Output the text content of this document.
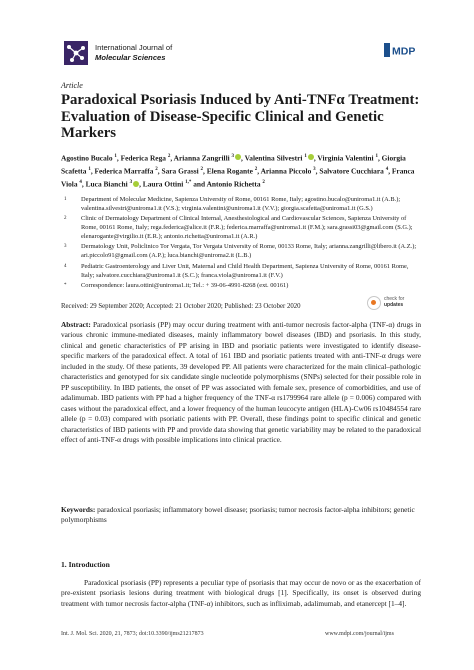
International Journal of
Molecular Sciences	MDPI
Article
Paradoxical Psoriasis Induced by Anti-TNFα Treatment: Evaluation of Disease-Specific Clinical and Genetic Markers
Agostino Bucalo $^1$, Federica Rega $^2$, Arianna Zangrilli $^3$ , Valentina Silvestri $^1$ , Virginia Valentini $^1$, Giorgia Scafetta $^1$, Federica Marraffa $^2$, Sara Grassi $^2$, Elena Rogante $^2$, Arianna Piccolo $^3$, Salvatore Cucchiara $^4$, Franca Viola $^4$, Luca Bianchi $^3$ , Laura Ottini $^{1,*}$ and Antonio Richetta $^2$
1 Department of Molecular Medicine, Sapienza University of Rome, 00161 Rome, Italy; agostino.bucalo@uniroma1.it (A.B.); valentina.silvestri@uniroma1.it (V.S.); virginia.valentini@uniroma1.it (V.V.); giorgia.scafetta@uniroma1.it (G.S.)
2 Clinic of Dermatology Department of Clinical Internal, Anesthesiological and Cardiovascular Sciences, Sapienza University of Rome, 00161 Rome, Italy; rega.federica@alice.it (F.R.); federica.marraffa@uniroma1.it (F.M.); sara.grassi03@gmail.com (S.G.); elenarogante@virgilio.it (E.R.); antonio.richetta@uniroma1.it (A.R.)
3 Dermatology Unit, Policlinico Tor Vergata, Tor Vergata University of Rome, 00133 Rome, Italy; arianna.zangrilli@libero.it (A.Z.); ari.piccolo91@gmail.com (A.P.); luca.bianchi@uniroma2.it (L.B.)
4 Pediatric Gastroenterology and Liver Unit, Maternal and Child Health Department, Sapienza University of Rome, 00161 Rome, Italy; salvatore.cucchiara@uniroma1.it (S.C.); franca.viola@uniroma1.it (F.V.)
* Correspondence: laura.ottini@uniroma1.it; Tel.: + 39-06-4991-8268 (ext. 00161)
Received: 29 September 2020; Accepted: 21 October 2020; Published: 23 October 2020
check for
updates

Abstract: Paradoxical psoriasis (PP) may occur during treatment with anti-tumor necrosis factor-alpha (TNF-α) drugs in various chronic immune-mediated diseases, mainly inflammatory bowel diseases (IBD) and psoriasis. In this study, clinical and genetic characteristics of PP arising in IBD and psoriatic patients were investigated to identify disease-specific markers of the paradoxical effect. A total of 161 IBD and psoriatic patients treated with anti-TNF-α drugs were included in the study. Of these patients, 39 developed PP. All patients were characterized for the main clinical–pathologic characteristics and genotyped for six candidate single nucleotide polymorphisms (SNPs) selected for their possible role in PP susceptibility. In IBD patients, the onset of PP was associated with female sex, presence of comorbidities, and use of adalimumab. IBD patients with PP had a higher frequency of the TNF-α rs1799964 rare allele (p = 0.006) compared with cases without the paradoxical effect, and a lower frequency of the human leucocyte antigen (HLA)-Cw06 rs10484554 rare allele (p = 0.03) compared with psoriatic patients with PP. Overall, these findings point to specific clinical and genetic characteristics of IBD patients with PP and provide data showing that genetic variability may be related to the paradoxical effect of anti-TNF-α drugs with possible implications into clinical practice.

Keywords: paradoxical psoriasis; inflammatory bowel disease; psoriasis; tumor necrosis factor-alpha inhibitors; genetic polymorphisms

1. Introduction

Paradoxical psoriasis (PP) represents a peculiar type of psoriasis that may occur de novo or as the exacerbation of pre-existent psoriasis lesions during treatment with biological drugs [1]. Specifically, its onset is observed during treatment with tumor necrosis factor-alpha (TNF-α) inhibitors, such as infliximab, adalimumab, and etanercept [1–4].

Int. J. Mol. Sci. 2020, 21, 7873; doi:10.3390/ijms21217873	www.mdpi.com/journal/ijms
